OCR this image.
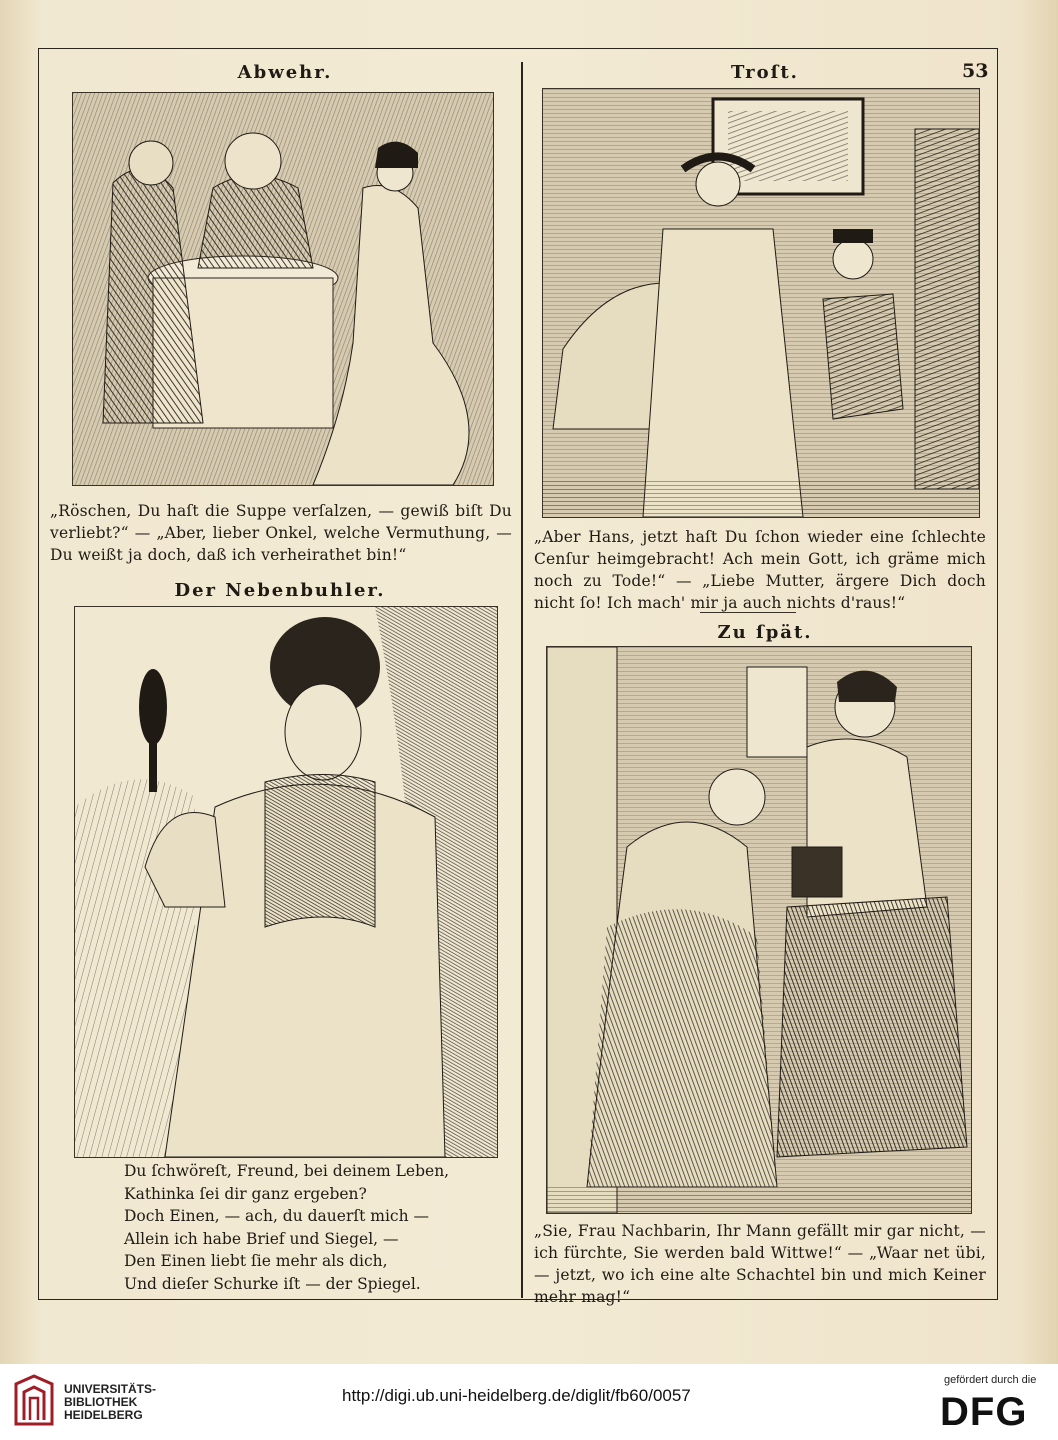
53
Abwehr.

„Röschen, Du haſt die Suppe verſalzen, — gewiß biſt Du verliebt?“ — „Aber, lieber Onkel, welche Vermuthung, — Du weißt ja doch, daß ich verheirathet bin!“

Troſt.

„Aber Hans, jetzt haſt Du ſchon wieder eine ſchlechte Cenſur heimgebracht! Ach mein Gott, ich gräme mich noch zu Tode!“ — „Liebe Mutter, ärgere Dich doch nicht ſo! Ich mach' mir ja auch nichts d'raus!“

Der Nebenbuhler.
Du ſchwöreſt, Freund, bei deinem Leben,
Kathinka ſei dir ganz ergeben?
Doch Einen, — ach, du dauerſt mich —
Allein ich habe Brief und Siegel, —
Den Einen liebt ſie mehr als dich,
Und dieſer Schurke iſt — der Spiegel.
Zu ſpät.

„Sie, Frau Nachbarin, Ihr Mann gefällt mir gar nicht, — ich fürchte, Sie werden bald Wittwe!“ — „Waar net übi, — jetzt, wo ich eine alte Schachtel bin und mich Keiner mehr mag!“

UNIVERSITÄTS-
BIBLIOTHEK
HEIDELBERG
http://digi.ub.uni-heidelberg.de/diglit/fb60/0057
gefördert durch die
DFG
